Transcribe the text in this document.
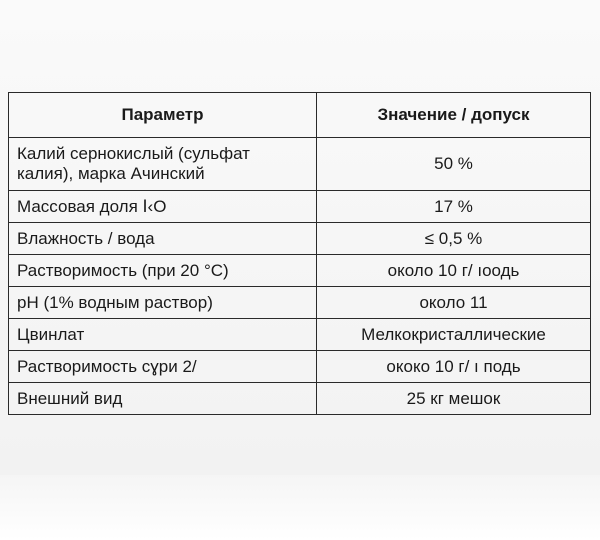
Параметр	Значение / допуск
Калий сернокислый (сульфат калия), марка Ачинский	50 %
Массовая доля Ⅰ‹O	17 %
Влажность / вода	≤ 0,5 %
Растворимость (при 20 °C)	около 10 г/ ıоодь
pH (1% водным раствор)	около 11
Цвинлат	Мелкокристаллические
Растворимость ϲɣри 2/	ококо 10 г/ ı подь
Внешний вид	25 кг мешок
